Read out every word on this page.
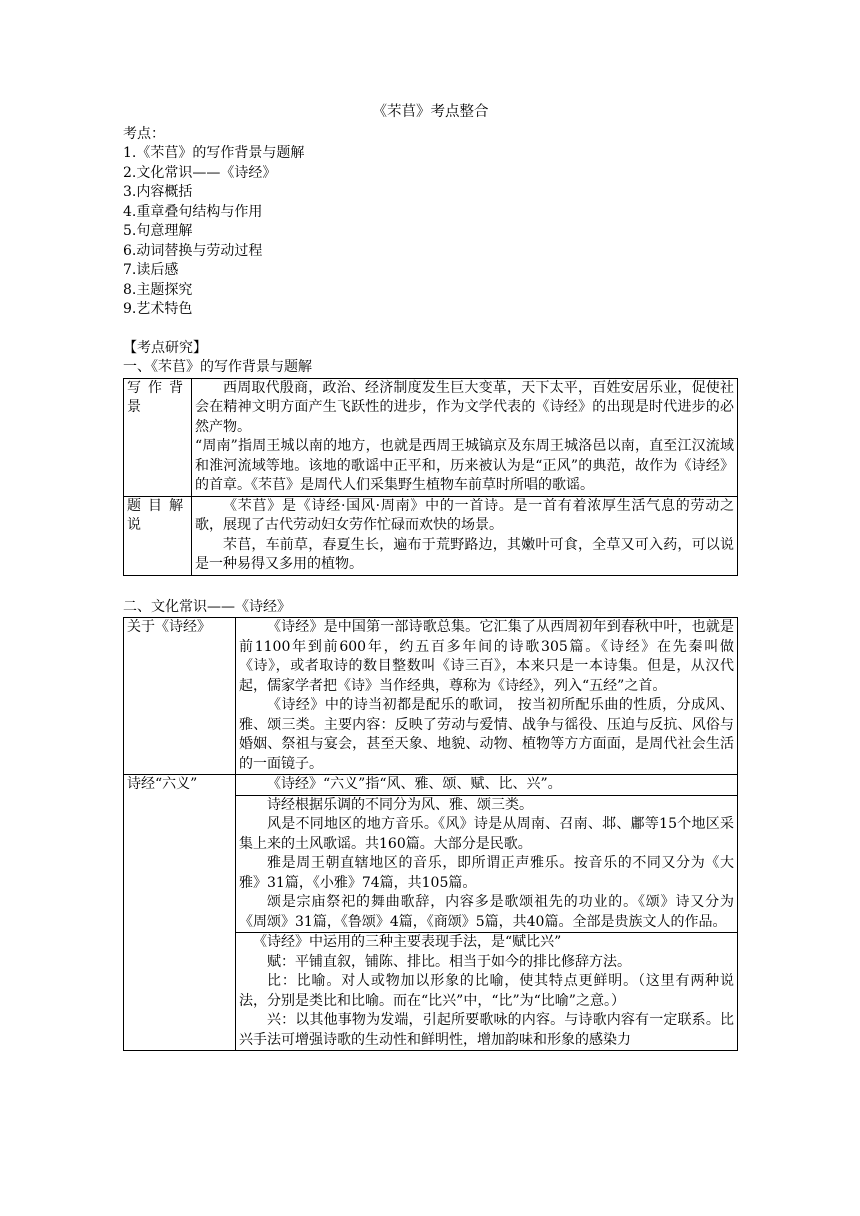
《芣苢》考点整合

考点：

1.《芣苢》的写作背景与题解
2.文化常识——《诗经》
3.内容概括
4.重章叠句结构与作用
5.句意理解
6.动词替换与劳动过程
7.读后感
8.主题探究
9.艺术特色

【考点研究】

一、《芣苢》的写作背景与题解

写作背景	西周取代殷商，政治、经济制度发生巨大变革，天下太平，百姓安居乐业，促使社会在精神文明方面产生飞跃性的进步，作为文学代表的《诗经》的出现是时代进步的必然产物。

“周南”指周王城以南的地方，也就是西周王城镐京及东周王城洛邑以南，直至江汉流域和淮河流域等地。该地的歌谣中正平和，历来被认为是“正风”的典范，故作为《诗经》的首章。《芣苢》是周代人们采集野生植物车前草时所唱的歌谣。

题目解说	《芣苢》是《诗经·国风·周南》中的一首诗。是一首有着浓厚生活气息的劳动之歌，展现了古代劳动妇女劳作忙碌而欢快的场景。

芣苢，车前草，春夏生长，遍布于荒野路边，其嫩叶可食，全草又可入药，可以说是一种易得又多用的植物。

二、文化常识——《诗经》

关于《诗经》	《诗经》是中国第一部诗歌总集。它汇集了从西周初年到春秋中叶，也就是前1100年到前600年，约五百多年间的诗歌305篇。《诗经》在先秦叫做《诗》，或者取诗的数目整数叫《诗三百》，本来只是一本诗集。但是，从汉代起，儒家学者把《诗》当作经典，尊称为《诗经》，列入“五经”之首。

《诗经》中的诗当初都是配乐的歌词， 按当初所配乐曲的性质，分成风、雅、颂三类。主要内容：反映了劳动与爱情、战争与徭役、压迫与反抗、风俗与婚姻、祭祖与宴会，甚至天象、地貌、动物、植物等方方面面，是周代社会生活的一面镜子。

诗经“六义”	《诗经》“六义”指“风、雅、颂、赋、比、兴”。

	诗经根据乐调的不同分为风、雅、颂三类。

风是不同地区的地方音乐。《风》诗是从周南、召南、邶、鄘等15个地区采集上来的土风歌谣。共160篇。大部分是民歌。

雅是周王朝直辖地区的音乐，即所谓正声雅乐。按音乐的不同又分为《大雅》31篇，《小雅》74篇，共105篇。

颂是宗庙祭祀的舞曲歌辞，内容多是歌颂祖先的功业的。《颂》诗又分为《周颂》31篇，《鲁颂》4篇，《商颂》5篇，共40篇。全部是贵族文人的作品。

	《诗经》中运用的三种主要表现手法，是“赋比兴”

赋：平铺直叙，铺陈、排比。相当于如今的排比修辞方法。

比：比喻。对人或物加以形象的比喻，使其特点更鲜明。（这里有两种说法，分别是类比和比喻。而在“比兴”中，“比”为“比喻”之意。）

兴：以其他事物为发端，引起所要歌咏的内容。与诗歌内容有一定联系。比兴手法可增强诗歌的生动性和鲜明性，增加韵味和形象的感染力
